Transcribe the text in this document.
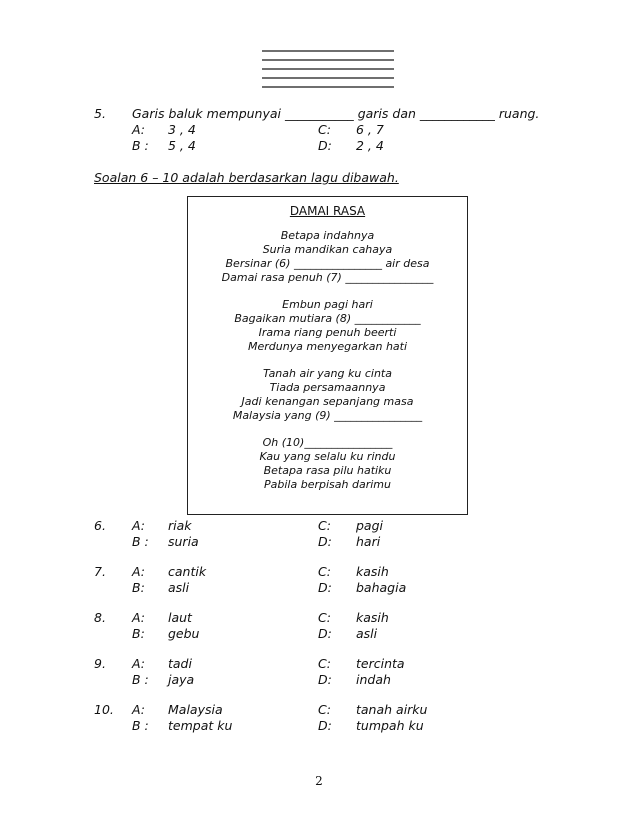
5. Garis baluk mempunyai ___________ garis dan ____________ ruang.
A: 3 , 4	C: 6 , 7
B : 5 , 4	D: 2 , 4
Soalan 6 – 10 adalah berdasarkan lagu dibawah.
DAMAI RASA
Betapa indahnya
Suria mandikan cahaya
Bersinar (6) ________________ air desa
Damai rasa penuh (7) ________________
Embun pagi hari
Bagaikan mutiara (8) ____________
Irama riang penuh beerti
Merdunya menyegarkan hati
Tanah air yang ku cinta
Tiada persamaannya
Jadi kenangan sepanjang masa
Malaysia yang (9) ________________
Oh (10)________________
Kau yang selalu ku rindu
Betapa rasa pilu hatiku
Pabila berpisah darimu
6. A: riak	C: pagi
B : suria	D: hari
7. A: cantik	C: kasih
B: asli	D: bahagia
8. A: laut	C: kasih
B: gebu	D: asli
9. A: tadi	C: tercinta
B : jaya	D: indah
10. A: Malaysia	C: tanah airku
B : tempat ku	D: tumpah ku
2
